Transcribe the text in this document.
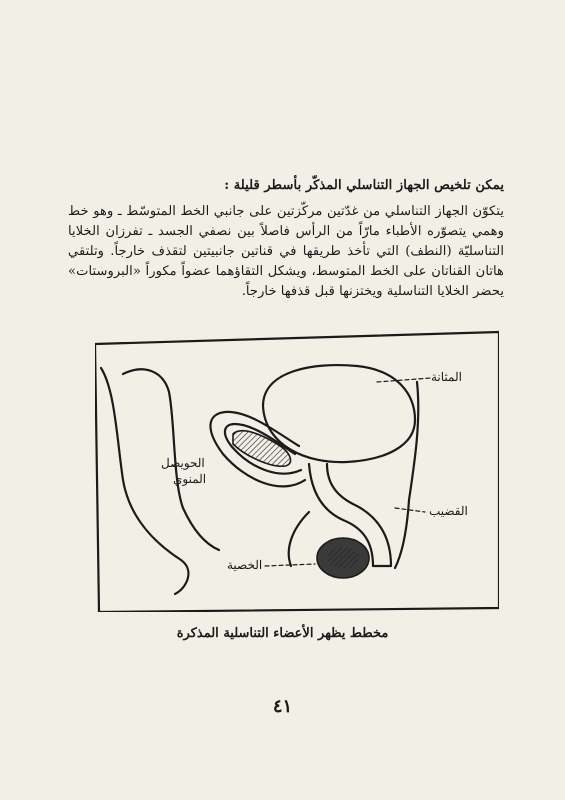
يمكن تلخيص الجهاز التناسلي المذكّر بأسطر قليلة :

يتكوّن الجهاز التناسلي من غدّتين مركّزتين على جانبي الخط المتوسّط ـ وهو خط وهمي يتصوّره الأطباء مارّاً من الرأس فاصلاً بين نصفي الجسد ـ تفرزان الخلايا التناسليّة (النطف) التي تأخذ طريقها في قناتين جانبيتين لتقذف خارجاً. وتلتقي هاتان القناتان على الخط المتوسط، ويشكل التقاؤهما عضواً مكوراً «البروستات» يحضر الخلايا التناسلية ويختزنها قبل قذفها خارجاً.

المثانة
الحويصل
المنوي
القضيب
الخصية
مخطط يظهر الأعضاء التناسلية المذكرة
٤١
